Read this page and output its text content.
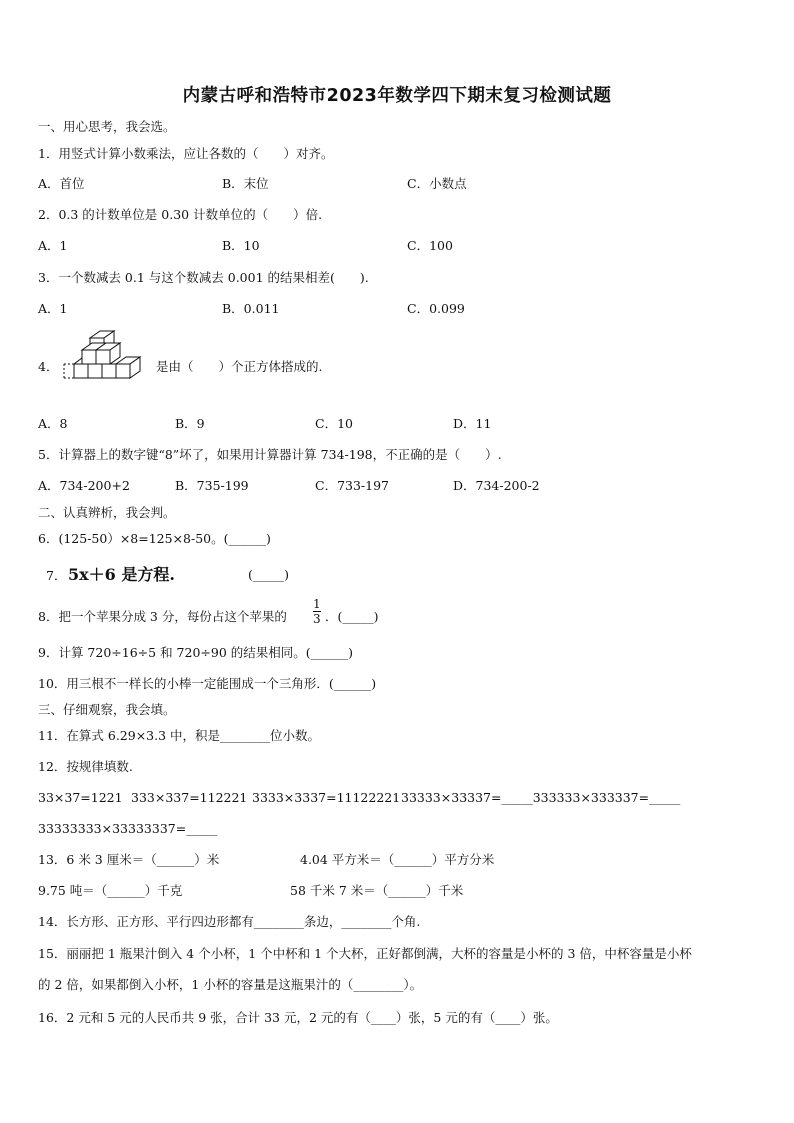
内蒙古呼和浩特市2023年数学四下期末复习检测试题
一、用心思考，我会选。
1．用竖式计算小数乘法，应让各数的（　　）对齐。
A．首位	B．末位	C．小数点
2．0.3 的计数单位是 0.30 计数单位的（　　）倍.
A．1	B．10	C．100
3．一个数减去 0.1 与这个数减去 0.001 的结果相差(　　).
A．1	B．0.011	C．0.099
4．	是由（　　）个正方体搭成的.
A．8	B．9	C．10	D．11
5．计算器上的数字键“8”坏了，如果用计算器计算 734-198，不正确的是（　　）.
A．734-200+2	B．735-199	C．733-197	D．734-200-2
二、认真辨析，我会判。
6．(125-50）×8=125×8-50。(______)
7． 5x＋6 是方程.	(_____)
8．把一个苹果分成 3 分，每份占这个苹果的
1
3 ．(_____)
9．计算 720÷16÷5 和 720÷90 的结果相同。(______)
10．用三根不一样长的小棒一定能围成一个三角形．(______)
三、仔细观察，我会填。
11．在算式 6.29×3.3 中，积是________位小数。
12．按规律填数.
33×37=1221 333×337=112221 3333×3337=11122221 33333×33337=_____333333×333337=_____
33333333×33333337=_____
13．6 米 3 厘米＝（______）米	4.04 平方米＝（______）平方分米
9.75 吨＝（______）千克	58 千米 7 米＝（______）千米
14．长方形、正方形、平行四边形都有________条边，________个角.
15．丽丽把 1 瓶果汁倒入 4 个小杯，1 个中杯和 1 个大杯，正好都倒满，大杯的容量是小杯的 3 倍，中杯容量是小杯
的 2 倍，如果都倒入小杯，1 小杯的容量是这瓶果汁的（________）。
16．2 元和 5 元的人民币共 9 张，合计 33 元，2 元的有（____）张，5 元的有（____）张。
